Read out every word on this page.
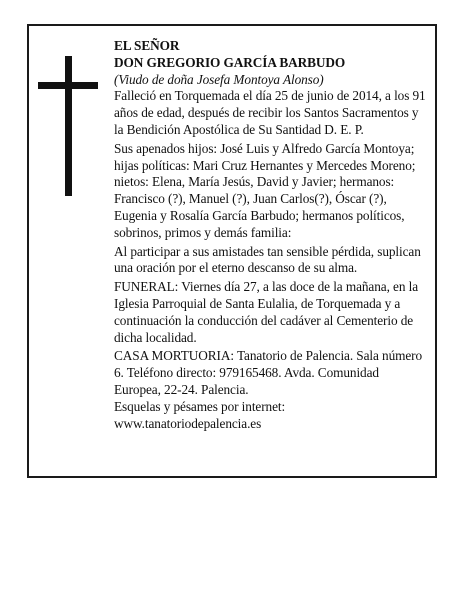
EL SEÑOR

DON GREGORIO GARCÍA BARBUDO

(Viudo de doña Josefa Montoya Alonso)

Falleció en Torquemada el día 25 de junio de 2014, a los 91 años de edad, después de recibir los Santos Sacramentos y la Bendición Apostólica de Su Santidad D. E. P.

Sus apenados hijos: José Luis y Alfredo García Montoya; hijas políticas: Mari Cruz Hernantes y Mercedes Moreno; nietos: Elena, María Jesús, David y Javier; hermanos: Francisco (?), Manuel (?), Juan Carlos(?), Óscar (?), Eugenia y Rosalía García Barbudo; hermanos políticos, sobrinos, primos y demás familia:

Al participar a sus amistades tan sensible pérdida, suplican una oración por el eterno descanso de su alma.

FUNERAL: Viernes día 27, a las doce de la mañana, en la Iglesia Parroquial de Santa Eulalia, de Torquemada y a continuación la conducción del cadáver al Cementerio de dicha localidad.

CASA MORTUORIA: Tanatorio de Palencia. Sala número 6. Teléfono directo: 979165468. Avda. Comunidad Europea, 22-24. Palencia.

Esquelas y pésames por internet:

www.tanatoriodepalencia.es
